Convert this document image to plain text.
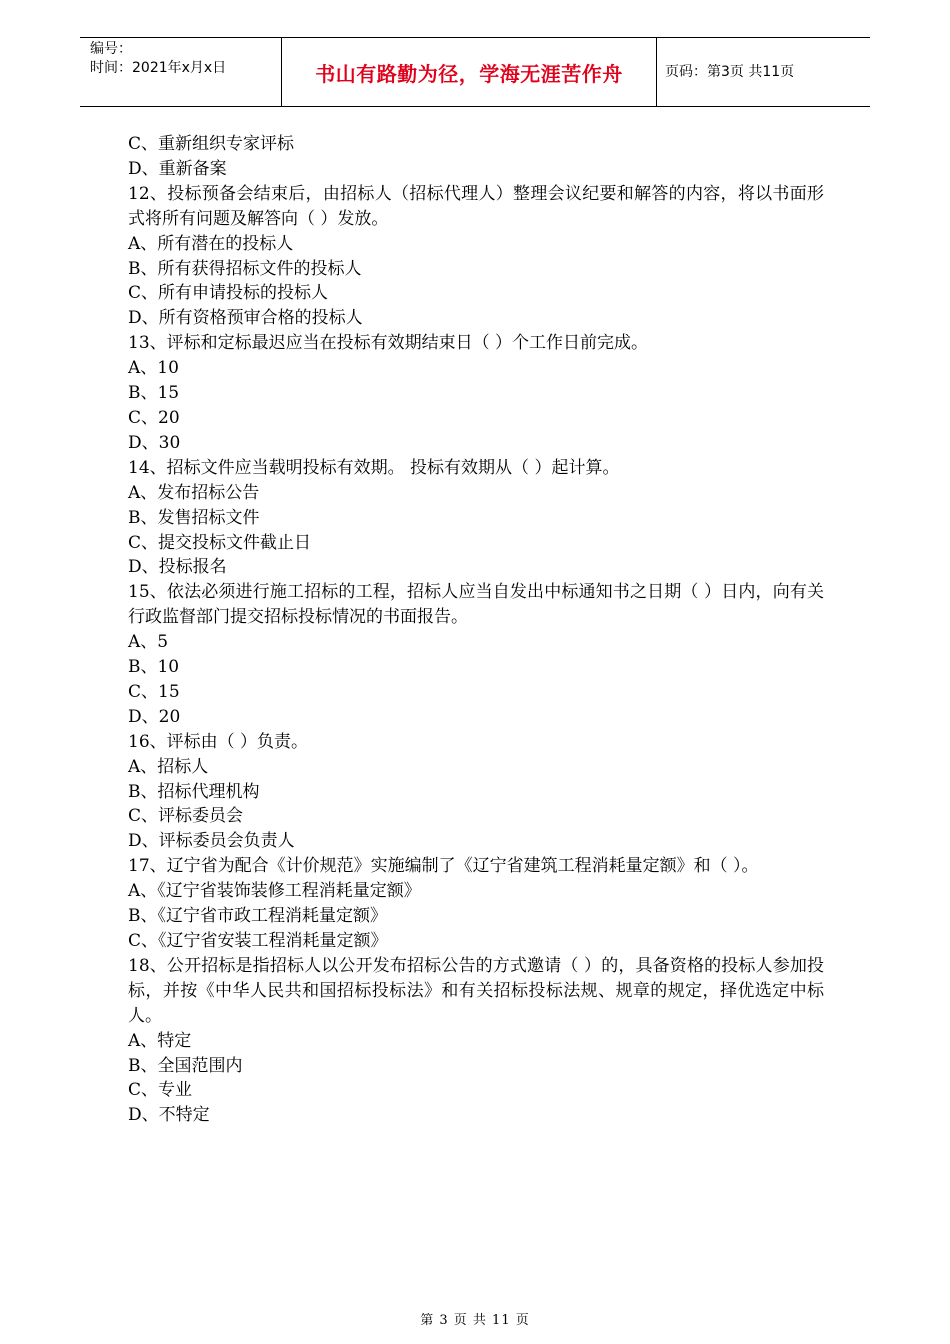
编号：
时间：2021年x月x日	书山有路勤为径，学海无涯苦作舟	页码：第3页 共11页

C、重新组织专家评标

D、重新备案

12、投标预备会结束后，由招标人（招标代理人）整理会议纪要和解答的内容，将以书面形式将所有问题及解答向（ ）发放。

A、所有潜在的投标人

B、所有获得招标文件的投标人

C、所有申请投标的投标人

D、所有资格预审合格的投标人

13、评标和定标最迟应当在投标有效期结束日（ ）个工作日前完成。

A、10

B、15

C、20

D、30

14、招标文件应当载明投标有效期。 投标有效期从（ ）起计算。

A、发布招标公告

B、发售招标文件

C、提交投标文件截止日

D、投标报名

15、依法必须进行施工招标的工程，招标人应当自发出中标通知书之日期（ ）日内，向有关行政监督部门提交招标投标情况的书面报告。

A、5

B、10

C、15

D、20

16、评标由（ ）负责。

A、招标人

B、招标代理机构

C、评标委员会

D、评标委员会负责人

17、辽宁省为配合《计价规范》实施编制了《辽宁省建筑工程消耗量定额》和（ ）。

A、《辽宁省装饰装修工程消耗量定额》

B、《辽宁省市政工程消耗量定额》

C、《辽宁省安装工程消耗量定额》

18、公开招标是指招标人以公开发布招标公告的方式邀请（ ）的，具备资格的投标人参加投标，并按《中华人民共和国招标投标法》和有关招标投标法规、规章的规定，择优选定中标人。

A、特定

B、全国范围内

C、专业

D、不特定

第 3 页 共 11 页
